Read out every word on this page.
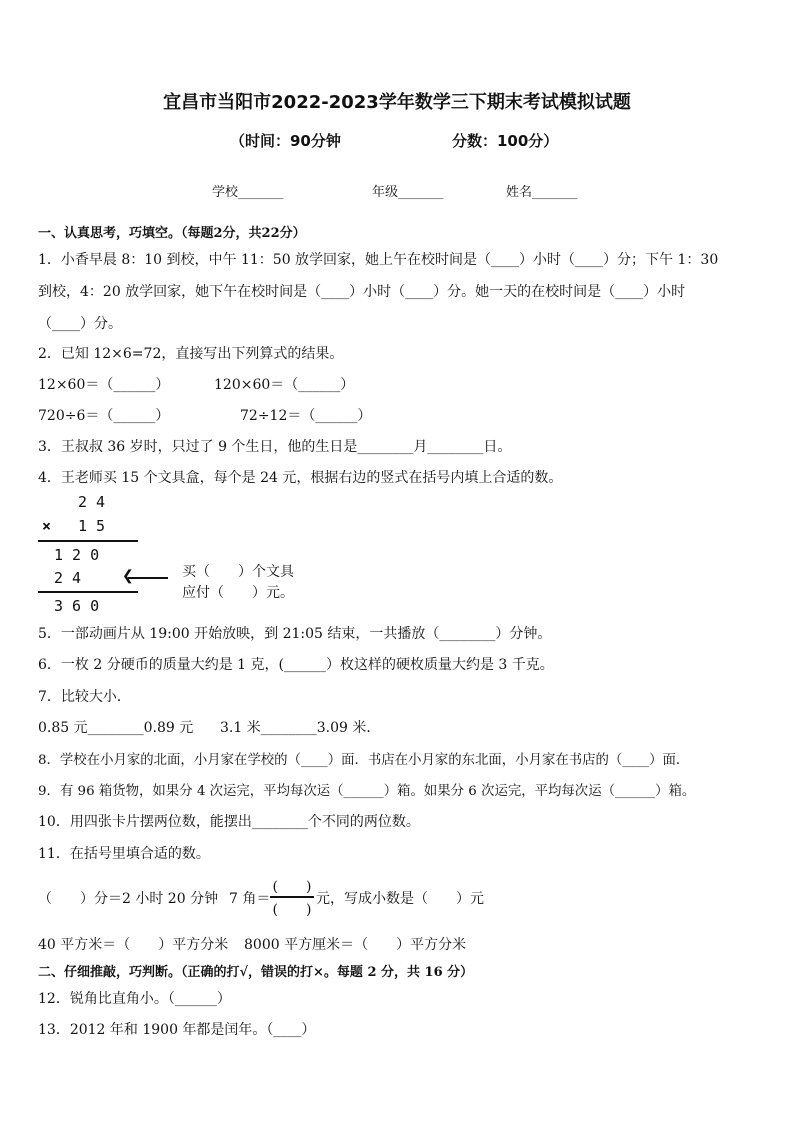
宜昌市当阳市2022-2023学年数学三下期末考试模拟试题
（时间：90分钟	分数：100分）
学校_______	年级_______	姓名_______
一、认真思考，巧填空。（每题2分，共22分）
1．小香早晨 8：10 到校，中午 11：50 放学回家，她上午在校时间是（____）小时（____）分；下午 1：30
到校，4：20 放学回家，她下午在校时间是（____）小时（____）分。她一天的在校时间是（____）小时
（____）分。
2．已知 12×6=72，直接写出下列算式的结果。
12×60＝（______）	120×60＝（______）
720÷6＝（______）	72÷12＝（______）
3．王叔叔 36 岁时，只过了 9 个生日，他的生日是________月________日。
4．王老师买 15 个文具盒，每个是 24 元，根据右边的竖式在括号内填上合适的数。
2 4
× 1 5
1 2 0
2 4
3 6 0
❮	买（　　）个文具
应付（　　）元。
5．一部动画片从 19:00 开始放映，到 21:05 结束，一共播放（________）分钟。
6．一枚 2 分硬币的质量大约是 1 克，(______）枚这样的硬枚质量大约是 3 千克。
7．比较大小．
0.85 元________0.89 元 3.1 米________3.09 米．
8．学校在小月家的北面，小月家在学校的（____）面．书店在小月家的东北面，小月家在书店的（____）面．
9．有 96 箱货物，如果分 4 次运完，平均每次运（______）箱。如果分 6 次运完，平均每次运（______）箱。
10．用四张卡片摆两位数，能摆出________个不同的两位数。
11．在括号里填合适的数。
（　　）分＝2 小时 20 分钟 7 角＝
(　　)
(　　)
元，写成小数是（　　）元
40 平方米＝（　　）平方分米 8000 平方厘米＝（　　）平方分米
二、仔细推敲，巧判断。（正确的打√，错误的打×。每题 2 分，共 16 分）
12．锐角比直角小。（______）
13．2012 年和 1900 年都是闰年。（____）
